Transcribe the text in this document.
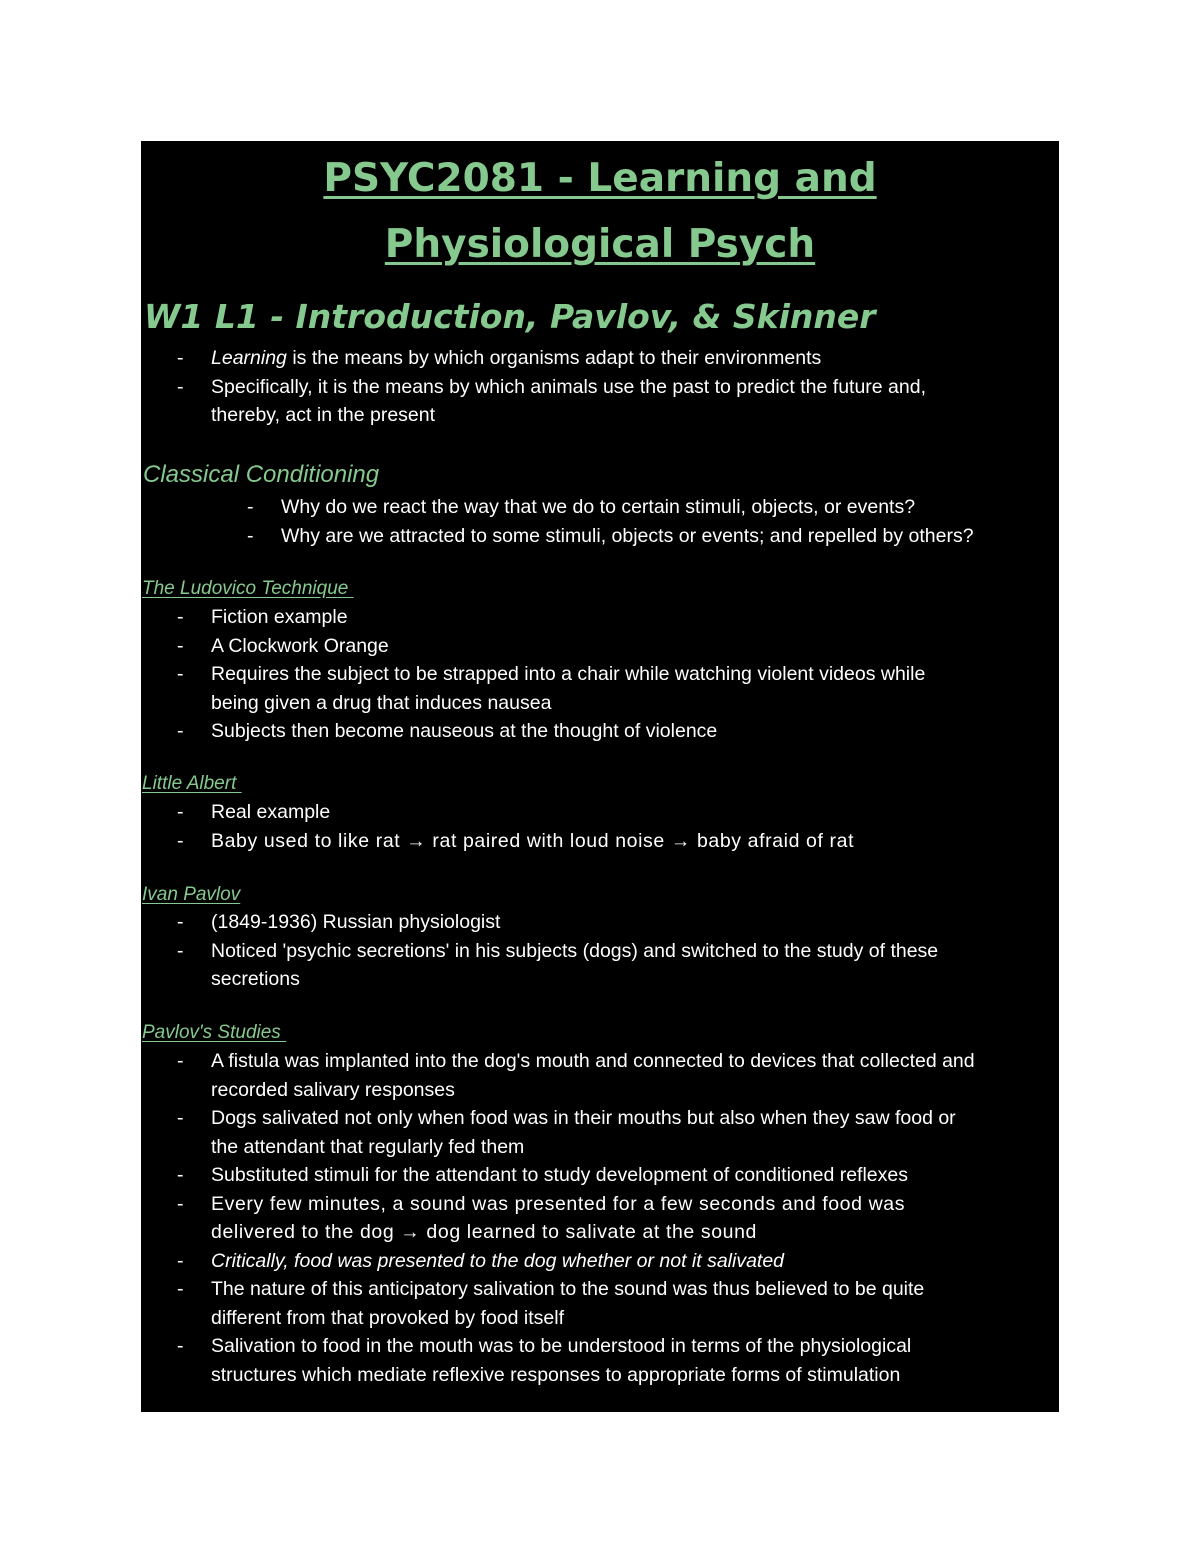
PSYC2081 - Learning and
Physiological Psych
W1 L1 - Introduction, Pavlov, & Skinner
- Learning is the means by which organisms adapt to their environments
- Specifically, it is the means by which animals use the past to predict the future and,
thereby, act in the present
Classical Conditioning
- Why do we react the way that we do to certain stimuli, objects, or events?
- Why are we attracted to some stimuli, objects or events; and repelled by others?
The Ludovico Technique
- Fiction example
- A Clockwork Orange
- Requires the subject to be strapped into a chair while watching violent videos while
being given a drug that induces nausea
- Subjects then become nauseous at the thought of violence
Little Albert
- Real example
- Baby used to like rat → rat paired with loud noise → baby afraid of rat
Ivan Pavlov
- (1849-1936) Russian physiologist
- Noticed 'psychic secretions' in his subjects (dogs) and switched to the study of these
secretions
Pavlov's Studies
- A fistula was implanted into the dog's mouth and connected to devices that collected and
recorded salivary responses
- Dogs salivated not only when food was in their mouths but also when they saw food or
the attendant that regularly fed them
- Substituted stimuli for the attendant to study development of conditioned reflexes
- Every few minutes, a sound was presented for a few seconds and food was
delivered to the dog → dog learned to salivate at the sound
- Critically, food was presented to the dog whether or not it salivated
- The nature of this anticipatory salivation to the sound was thus believed to be quite
different from that provoked by food itself
- Salivation to food in the mouth was to be understood in terms of the physiological
structures which mediate reflexive responses to appropriate forms of stimulation
